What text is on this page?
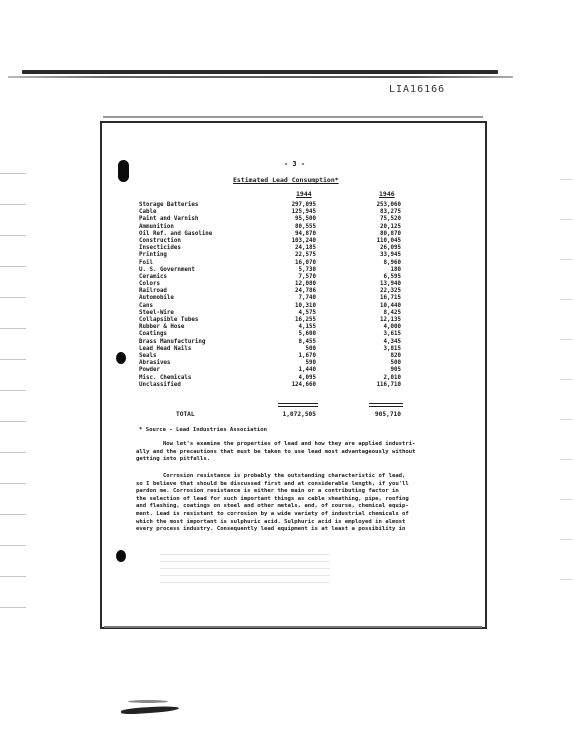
LIA16166
- 3 -
Estimated Lead Consumption*
1944	1946
Storage Batteries	297,095	253,060
Cable	125,945	83,275
Paint and Varnish	95,500	75,520
Ammunition	80,555	20,125
Oil Ref. and Gasoline	94,870	80,870
Construction	103,240	110,045
Insecticides	24,185	26,095
Printing	22,575	33,945
Foil	16,070	8,960
U. S. Government	5,730	180
Ceramics	7,570	6,595
Colors	12,080	13,940
Railroad	24,786	22,325
Automobile	7,740	16,715
Cans	10,310	10,440
Steel-Wire	4,575	8,425
Collapsible Tubes	16,255	12,135
Rubber & Hose	4,155	4,000
Coatings	5,600	3,615
Brass Manufacturing	8,455	4,345
Lead Head Nails	500	3,815
Seals	1,670	820
Abrasives	590	500
Powder	1,440	905
Misc. Chemicals	4,095	2,010
Unclassified	124,660	116,710
TOTAL	1,072,505	905,710
* Source - Lead Industries Association
Now let's examine the properties of lead and how they are applied industri-
ally and the precautions that must be taken to use lead most advantageously without
getting into pitfalls.
Corrosion resistance is probably the outstanding characteristic of lead,
so I believe that should be discussed first and at considerable length, if you'll
pardon me. Corrosion resistance is either the main or a contributing factor in
the selection of lead for such important things as cable sheathing, pipe, roofing
and flashing, coatings on steel and other metals, and, of course, chemical equip-
ment. Lead is resistant to corrosion by a wide variety of industrial chemicals of
which the most important is sulphuric acid. Sulphuric acid is employed in almost
every process industry. Consequently lead equipment is at least a possibility in
